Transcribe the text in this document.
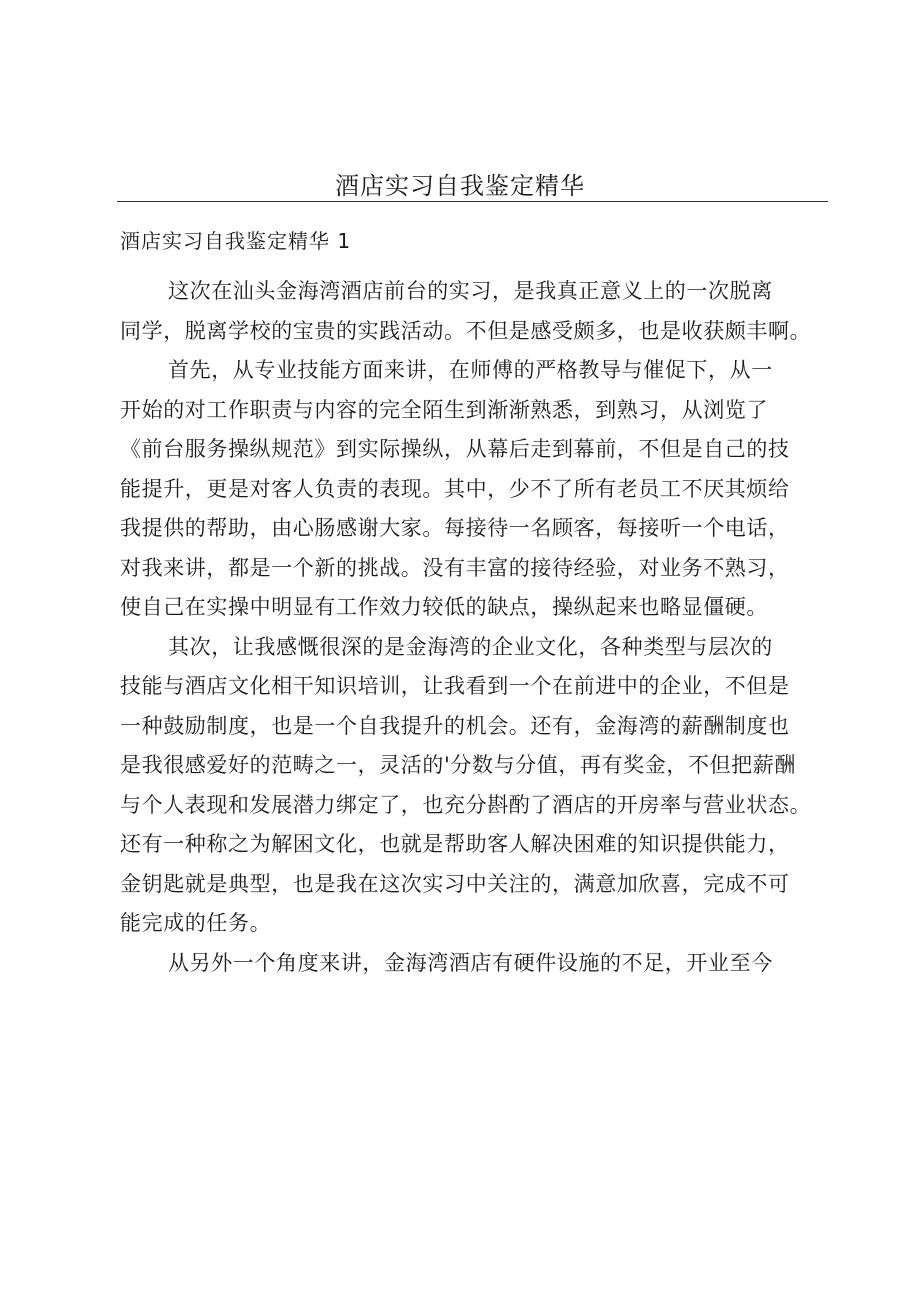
酒店实习自我鉴定精华
酒店实习自我鉴定精华 1
这次在汕头金海湾酒店前台的实习，是我真正意义上的一次脱离
同学，脱离学校的宝贵的实践活动。不但是感受颇多，也是收获颇丰啊。
首先，从专业技能方面来讲，在师傅的严格教导与催促下，从一
开始的对工作职责与内容的完全陌生到渐渐熟悉，到熟习，从浏览了
《前台服务操纵规范》到实际操纵，从幕后走到幕前，不但是自己的技
能提升，更是对客人负责的表现。其中，少不了所有老员工不厌其烦给
我提供的帮助，由心肠感谢大家。每接待一名顾客，每接听一个电话，
对我来讲，都是一个新的挑战。没有丰富的接待经验，对业务不熟习，
使自己在实操中明显有工作效力较低的缺点，操纵起来也略显僵硬。
其次，让我感慨很深的是金海湾的企业文化，各种类型与层次的
技能与酒店文化相干知识培训，让我看到一个在前进中的企业，不但是
一种鼓励制度，也是一个自我提升的机会。还有，金海湾的薪酬制度也
是我很感爱好的范畴之一，灵活的'分数与分值，再有奖金，不但把薪酬
与个人表现和发展潜力绑定了，也充分斟酌了酒店的开房率与营业状态。
还有一种称之为解困文化，也就是帮助客人解决困难的知识提供能力，
金钥匙就是典型，也是我在这次实习中关注的，满意加欣喜，完成不可
能完成的任务。
从另外一个角度来讲，金海湾酒店有硬件设施的不足，开业至今
